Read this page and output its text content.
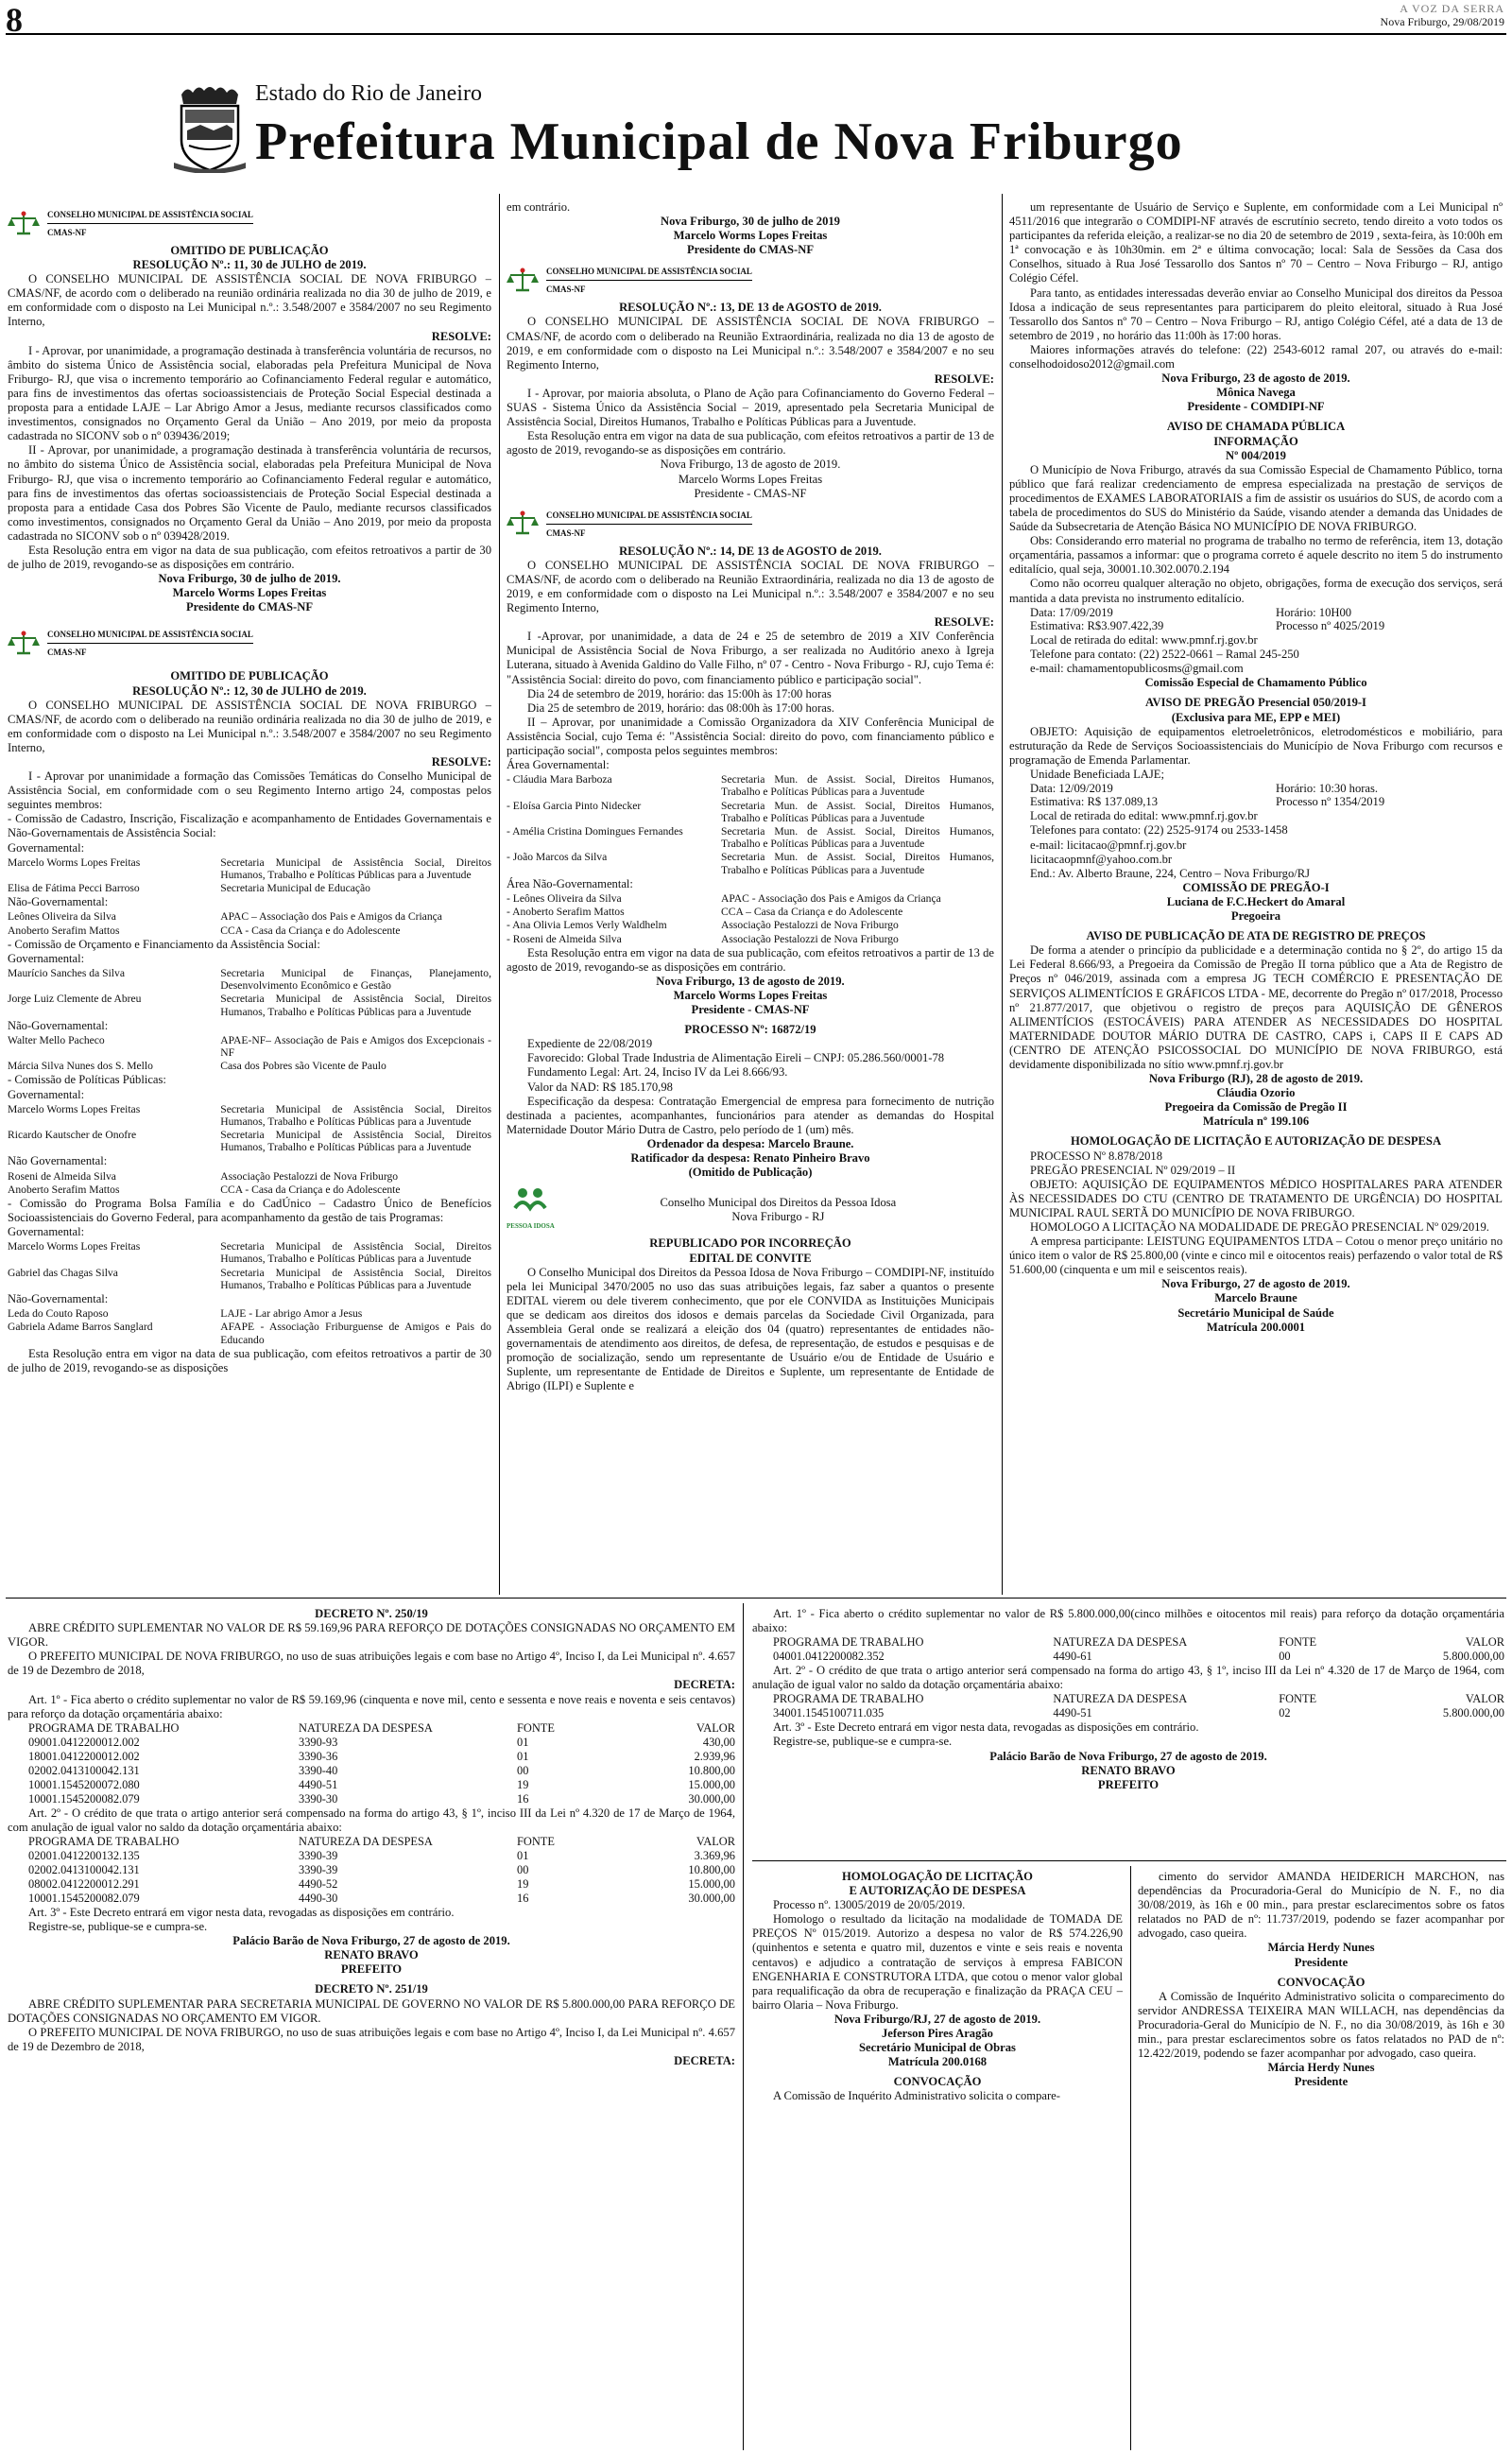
8	A VOZ DA SERRA
Nova Friburgo, 29/08/2019
Estado do Rio de Janeiro
Prefeitura Municipal de Nova Friburgo
CONSELHO MUNICIPAL DE ASSISTÊNCIA SOCIAL
CMAS-NF

OMITIDO DE PUBLICAÇÃO

RESOLUÇÃO Nº.: 11, 30 de JULHO de 2019.

O CONSELHO MUNICIPAL DE ASSISTÊNCIA SOCIAL DE NOVA FRIBURGO – CMAS/NF, de acordo com o deliberado na reunião ordinária realizada no dia 30 de julho de 2019, e em conformidade com o disposto na Lei Municipal n.º.: 3.548/2007 e 3584/2007 no seu Regimento Interno,

RESOLVE:

I - Aprovar, por unanimidade, a programação destinada à transferência voluntária de recursos, no âmbito do sistema Único de Assistência social, elaboradas pela Prefeitura Municipal de Nova Friburgo- RJ, que visa o incremento temporário ao Cofinanciamento Federal regular e automático, para fins de investimentos das ofertas socioassistenciais de Proteção Social Especial destinada a proposta para a entidade LAJE – Lar Abrigo Amor a Jesus, mediante recursos classificados como investimentos, consignados no Orçamento Geral da União – Ano 2019, por meio da proposta cadastrada no SICONV sob o nº 039436/2019;

II - Aprovar, por unanimidade, a programação destinada à transferência voluntária de recursos, no âmbito do sistema Único de Assistência social, elaboradas pela Prefeitura Municipal de Nova Friburgo- RJ, que visa o incremento temporário ao Cofinanciamento Federal regular e automático, para fins de investimentos das ofertas socioassistenciais de Proteção Social Especial destinada a proposta para a entidade Casa dos Pobres São Vicente de Paulo, mediante recursos classificados como investimentos, consignados no Orçamento Geral da União – Ano 2019, por meio da proposta cadastrada no SICONV sob o nº 039428/2019.

Esta Resolução entra em vigor na data de sua publicação, com efeitos retroativos a partir de 30 de julho de 2019, revogando-se as disposições em contrário.

Nova Friburgo, 30 de julho de 2019.

Marcelo Worms Lopes Freitas

Presidente do CMAS-NF

CONSELHO MUNICIPAL DE ASSISTÊNCIA SOCIAL
CMAS-NF

OMITIDO DE PUBLICAÇÃO

RESOLUÇÃO Nº.: 12, 30 de JULHO de 2019.

O CONSELHO MUNICIPAL DE ASSISTÊNCIA SOCIAL DE NOVA FRIBURGO – CMAS/NF, de acordo com o deliberado na reunião ordinária realizada no dia 30 de julho de 2019, e em conformidade com o disposto na Lei Municipal n.º.: 3.548/2007 e 3584/2007 no seu Regimento Interno,

RESOLVE:

I - Aprovar por unanimidade a formação das Comissões Temáticas do Conselho Municipal de Assistência Social, em conformidade com o seu Regimento Interno artigo 24, compostas pelos seguintes membros:

- Comissão de Cadastro, Inscrição, Fiscalização e acompanhamento de Entidades Governamentais e Não-Governamentais de Assistência Social:

Governamental:

Marcelo Worms Lopes Freitas	Secretaria Municipal de Assistência Social, Direitos Humanos, Trabalho e Políticas Públicas para a Juventude
Elisa de Fátima Pecci Barroso	Secretaria Municipal de Educação

Não-Governamental:

Leônes Oliveira da Silva	APAC – Associação dos Pais e Amigos da Criança
Anoberto Serafim Mattos	CCA - Casa da Criança e do Adolescente

- Comissão de Orçamento e Financiamento da Assistência Social:

Governamental:

Maurício Sanches da Silva	Secretaria Municipal de Finanças, Planejamento, Desenvolvimento Econômico e Gestão
Jorge Luiz Clemente de Abreu	Secretaria Municipal de Assistência Social, Direitos Humanos, Trabalho e Políticas Públicas para a Juventude

Não-Governamental:

Walter Mello Pacheco	APAE-NF– Associação de Pais e Amigos dos Excepcionais - NF
Márcia Silva Nunes dos S. Mello	Casa dos Pobres são Vicente de Paulo

- Comissão de Políticas Públicas:

Governamental:

Marcelo Worms Lopes Freitas	Secretaria Municipal de Assistência Social, Direitos Humanos, Trabalho e Políticas Públicas para a Juventude
Ricardo Kautscher de Onofre	Secretaria Municipal de Assistência Social, Direitos Humanos, Trabalho e Políticas Públicas para a Juventude

Não Governamental:

Roseni de Almeida Silva	Associação Pestalozzi de Nova Friburgo
Anoberto Serafim Mattos	CCA - Casa da Criança e do Adolescente

- Comissão do Programa Bolsa Família e do CadÚnico – Cadastro Único de Benefícios Socioassistenciais do Governo Federal, para acompanhamento da gestão de tais Programas:

Governamental:

Marcelo Worms Lopes Freitas	Secretaria Municipal de Assistência Social, Direitos Humanos, Trabalho e Políticas Públicas para a Juventude
Gabriel das Chagas Silva	Secretaria Municipal de Assistência Social, Direitos Humanos, Trabalho e Políticas Públicas para a Juventude

Não-Governamental:

Leda do Couto Raposo	LAJE - Lar abrigo Amor a Jesus
Gabriela Adame Barros Sanglard	AFAPE - Associação Friburguense de Amigos e Pais do Educando

Esta Resolução entra em vigor na data de sua publicação, com efeitos retroativos a partir de 30 de julho de 2019, revogando-se as disposições

em contrário.

Nova Friburgo, 30 de julho de 2019

Marcelo Worms Lopes Freitas

Presidente do CMAS-NF

CONSELHO MUNICIPAL DE ASSISTÊNCIA SOCIAL
CMAS-NF

RESOLUÇÃO Nº.: 13, DE 13 de AGOSTO de 2019.

O CONSELHO MUNICIPAL DE ASSISTÊNCIA SOCIAL DE NOVA FRIBURGO – CMAS/NF, de acordo com o deliberado na Reunião Extraordinária, realizada no dia 13 de agosto de 2019, e em conformidade com o disposto na Lei Municipal n.º.: 3.548/2007 e 3584/2007 e no seu Regimento Interno,

RESOLVE:

I - Aprovar, por maioria absoluta, o Plano de Ação para Cofinanciamento do Governo Federal – SUAS - Sistema Único da Assistência Social – 2019, apresentado pela Secretaria Municipal de Assistência Social, Direitos Humanos, Trabalho e Políticas Públicas para a Juventude.

Esta Resolução entra em vigor na data de sua publicação, com efeitos retroativos a partir de 13 de agosto de 2019, revogando-se as disposições em contrário.

Nova Friburgo, 13 de agosto de 2019.

Marcelo Worms Lopes Freitas

Presidente - CMAS-NF

CONSELHO MUNICIPAL DE ASSISTÊNCIA SOCIAL
CMAS-NF

RESOLUÇÃO Nº.: 14, DE 13 de AGOSTO de 2019.

O CONSELHO MUNICIPAL DE ASSISTÊNCIA SOCIAL DE NOVA FRIBURGO – CMAS/NF, de acordo com o deliberado na Reunião Extraordinária, realizada no dia 13 de agosto de 2019, e em conformidade com o disposto na Lei Municipal n.º.: 3.548/2007 e 3584/2007 e no seu Regimento Interno,

RESOLVE:

I -Aprovar, por unanimidade, a data de 24 e 25 de setembro de 2019 a XIV Conferência Municipal de Assistência Social de Nova Friburgo, a ser realizada no Auditório anexo à Igreja Luterana, situado à Avenida Galdino do Valle Filho, nº 07 - Centro - Nova Friburgo - RJ, cujo Tema é: "Assistência Social: direito do povo, com financiamento público e participação social".

Dia 24 de setembro de 2019, horário: das 15:00h às 17:00 horas

Dia 25 de setembro de 2019, horário: das 08:00h às 17:00 horas.

II – Aprovar, por unanimidade a Comissão Organizadora da XIV Conferência Municipal de Assistência Social, cujo Tema é: "Assistência Social: direito do povo, com financiamento público e participação social", composta pelos seguintes membros:

Área Governamental:

- Cláudia Mara Barboza	Secretaria Mun. de Assist. Social, Direitos Humanos, Trabalho e Políticas Públicas para a Juventude
- Eloísa Garcia Pinto Nidecker	Secretaria Mun. de Assist. Social, Direitos Humanos, Trabalho e Políticas Públicas para a Juventude
- Amélia Cristina Domingues Fernandes	Secretaria Mun. de Assist. Social, Direitos Humanos, Trabalho e Políticas Públicas para a Juventude
- João Marcos da Silva	Secretaria Mun. de Assist. Social, Direitos Humanos, Trabalho e Políticas Públicas para a Juventude

Área Não-Governamental:

- Leônes Oliveira da Silva	APAC - Associação dos Pais e Amigos da Criança
- Anoberto Serafim Mattos	CCA – Casa da Criança e do Adolescente
- Ana Olivia Lemos Verly Waldhelm	Associação Pestalozzi de Nova Friburgo
- Roseni de Almeida Silva	Associação Pestalozzi de Nova Friburgo

Esta Resolução entra em vigor na data de sua publicação, com efeitos retroativos a partir de 13 de agosto de 2019, revogando-se as disposições em contrário.

Nova Friburgo, 13 de agosto de 2019.

Marcelo Worms Lopes Freitas

Presidente - CMAS-NF

PROCESSO Nº: 16872/19

Expediente de 22/08/2019

Favorecido: Global Trade Industria de Alimentação Eireli – CNPJ: 05.286.560/0001-78

Fundamento Legal: Art. 24, Inciso IV da Lei 8.666/93.

Valor da NAD: R$ 185.170,98

Especificação da despesa: Contratação Emergencial de empresa para fornecimento de nutrição destinada a pacientes, acompanhantes, funcionários para atender as demandas do Hospital Maternidade Doutor Mário Dutra de Castro, pelo período de 1 (um) mês.

Ordenador da despesa: Marcelo Braune.

Ratificador da despesa: Renato Pinheiro Bravo

(Omitido de Publicação)

PESSOA IDOSA
Conselho Municipal dos Direitos da Pessoa Idosa
Nova Friburgo - RJ

REPUBLICADO POR INCORREÇÃO

EDITAL DE CONVITE

O Conselho Municipal dos Direitos da Pessoa Idosa de Nova Friburgo – COMDIPI-NF, instituído pela lei Municipal 3470/2005 no uso das suas atribuições legais, faz saber a quantos o presente EDITAL vierem ou dele tiverem conhecimento, que por ele CONVIDA as Instituições Municipais que se dedicam aos direitos dos idosos e demais parcelas da Sociedade Civil Organizada, para Assembleia Geral onde se realizará a eleição dos 04 (quatro) representantes de entidades não-governamentais de atendimento aos direitos, de defesa, de representação, de estudos e pesquisas e de promoção de socialização, sendo um representante de Usuário e/ou de Entidade de Usuário e Suplente, um representante de Entidade de Direitos e Suplente, um representante de Entidade de Abrigo (ILPI) e Suplente e

um representante de Usuário de Serviço e Suplente, em conformidade com a Lei Municipal nº 4511/2016 que integrarão o COMDIPI-NF através de escrutínio secreto, tendo direito a voto todos os participantes da referida eleição, a realizar-se no dia 20 de setembro de 2019 , sexta-feira, às 10:00h em 1ª convocação e às 10h30min. em 2ª e última convocação; local: Sala de Sessões da Casa dos Conselhos, situado à Rua José Tessarollo dos Santos nº 70 – Centro – Nova Friburgo – RJ, antigo Colégio Céfel.

Para tanto, as entidades interessadas deverão enviar ao Conselho Municipal dos direitos da Pessoa Idosa a indicação de seus representantes para participarem do pleito eleitoral, situado à Rua José Tessarollo dos Santos nº 70 – Centro – Nova Friburgo – RJ, antigo Colégio Céfel, até a data de 13 de setembro de 2019 , no horário das 11:00h às 17:00 horas.

Maiores informações através do telefone: (22) 2543-6012 ramal 207, ou através do e-mail: conselhodoidoso2012@gmail.com

Nova Friburgo, 23 de agosto de 2019.

Mônica Navega

Presidente - COMDIPI-NF

AVISO DE CHAMADA PÚBLICA

INFORMAÇÃO

Nº 004/2019

O Município de Nova Friburgo, através da sua Comissão Especial de Chamamento Público, torna público que fará realizar credenciamento de empresa especializada na prestação de serviços de procedimentos de EXAMES LABORATORIAIS a fim de assistir os usuários do SUS, de acordo com a tabela de procedimentos do SUS do Ministério da Saúde, visando atender a demanda das Unidades de Saúde da Subsecretaria de Atenção Básica NO MUNICÍPIO DE NOVA FRIBURGO.

Obs: Considerando erro material no programa de trabalho no termo de referência, item 13, dotação orçamentária, passamos a informar: que o programa correto é aquele descrito no item 5 do instrumento editalício, qual seja, 30001.10.302.0070.2.194

Como não ocorreu qualquer alteração no objeto, obrigações, forma de execução dos serviços, será mantida a data prevista no instrumento editalício.

Data: 17/09/2019	Horário: 10H00
Estimativa: R$3.907.422,39	Processo nº 4025/2019

Local de retirada do edital: www.pmnf.rj.gov.br

Telefone para contato: (22) 2522-0661 – Ramal 245-250

e-mail: chamamentopublicosms@gmail.com

Comissão Especial de Chamamento Público

AVISO DE PREGÃO Presencial 050/2019-I

(Exclusiva para ME, EPP e MEI)

OBJETO: Aquisição de equipamentos eletroeletrônicos, eletrodomésticos e mobiliário, para estruturação da Rede de Serviços Socioassistenciais do Município de Nova Friburgo com recursos e programação de Emenda Parlamentar.

Unidade Beneficiada LAJE;

Data: 12/09/2019	Horário: 10:30 horas.
Estimativa: R$ 137.089,13	Processo nº 1354/2019

Local de retirada do edital: www.pmnf.rj.gov.br

Telefones para contato: (22) 2525-9174 ou 2533-1458

e-mail: licitacao@pmnf.rj.gov.br

licitacaopmnf@yahoo.com.br

End.: Av. Alberto Braune, 224, Centro – Nova Friburgo/RJ

COMISSÃO DE PREGÃO-I

Luciana de F.C.Heckert do Amaral

Pregoeira

AVISO DE PUBLICAÇÃO DE ATA DE REGISTRO DE PREÇOS

De forma a atender o princípio da publicidade e a determinação contida no § 2º, do artigo 15 da Lei Federal 8.666/93, a Pregoeira da Comissão de Pregão II torna público que a Ata de Registro de Preços nº 046/2019, assinada com a empresa JG TECH COMÉRCIO E PRESENTAÇÃO DE SERVIÇOS ALIMENTÍCIOS E GRÁFICOS LTDA - ME, decorrente do Pregão nº 017/2018, Processo nº 21.877/2017, que objetivou o registro de preços para AQUISIÇÃO DE GÊNEROS ALIMENTÍCIOS (ESTOCÁVEIS) PARA ATENDER AS NECESSIDADES DO HOSPITAL MATERNIDADE DOUTOR MÁRIO DUTRA DE CASTRO, CAPS i, CAPS II E CAPS AD (CENTRO DE ATENÇÃO PSICOSSOCIAL DO MUNICÍPIO DE NOVA FRIBURGO, está devidamente disponibilizada no sítio www.pmnf.rj.gov.br

Nova Friburgo (RJ), 28 de agosto de 2019.

Cláudia Ozorio

Pregoeira da Comissão de Pregão II

Matrícula nº 199.106

HOMOLOGAÇÃO DE LICITAÇÃO E AUTORIZAÇÃO DE DESPESA

PROCESSO Nº 8.878/2018

PREGÃO PRESENCIAL Nº 029/2019 – II

OBJETO: AQUISIÇÃO DE EQUIPAMENTOS MÉDICO HOSPITALARES PARA ATENDER ÀS NECESSIDADES DO CTU (CENTRO DE TRATAMENTO DE URGÊNCIA) DO HOSPITAL MUNICIPAL RAUL SERTÃ DO MUNICÍPIO DE NOVA FRIBURGO.

HOMOLOGO A LICITAÇÃO NA MODALIDADE DE PREGÃO PRESENCIAL Nº 029/2019.

A empresa participante: LEISTUNG EQUIPAMENTOS LTDA – Cotou o menor preço unitário no único item o valor de R$ 25.800,00 (vinte e cinco mil e oitocentos reais) perfazendo o valor total de R$ 51.600,00 (cinquenta e um mil e seiscentos reais).

Nova Friburgo, 27 de agosto de 2019.

Marcelo Braune

Secretário Municipal de Saúde

Matrícula 200.0001

DECRETO Nº. 250/19

ABRE CRÉDITO SUPLEMENTAR NO VALOR DE R$ 59.169,96 PARA REFORÇO DE DOTAÇÕES CONSIGNADAS NO ORÇAMENTO EM VIGOR.

O PREFEITO MUNICIPAL DE NOVA FRIBURGO, no uso de suas atribuições legais e com base no Artigo 4º, Inciso I, da Lei Municipal nº. 4.657 de 19 de Dezembro de 2018,

DECRETA:

Art. 1º - Fica aberto o crédito suplementar no valor de R$ 59.169,96 (cinquenta e nove mil, cento e sessenta e nove reais e noventa e seis centavos) para reforço da dotação orçamentária abaixo:

PROGRAMA DE TRABALHO	NATUREZA DA DESPESA	FONTE	VALOR
09001.0412200012.002	3390-93	01	430,00
18001.0412200012.002	3390-36	01	2.939,96
02002.0413100042.131	3390-40	00	10.800,00
10001.1545200072.080	4490-51	19	15.000,00
10001.1545200082.079	3390-30	16	30.000,00

Art. 2º - O crédito de que trata o artigo anterior será compensado na forma do artigo 43, § 1º, inciso III da Lei nº 4.320 de 17 de Março de 1964, com anulação de igual valor no saldo da dotação orçamentária abaixo:

PROGRAMA DE TRABALHO	NATUREZA DA DESPESA	FONTE	VALOR
02001.0412200132.135	3390-39	01	3.369,96
02002.0413100042.131	3390-39	00	10.800,00
08002.0412200012.291	4490-52	19	15.000,00
10001.1545200082.079	4490-30	16	30.000,00

Art. 3º - Este Decreto entrará em vigor nesta data, revogadas as disposições em contrário.

Registre-se, publique-se e cumpra-se.

Palácio Barão de Nova Friburgo, 27 de agosto de 2019.

RENATO BRAVO

PREFEITO

DECRETO Nº. 251/19

ABRE CRÉDITO SUPLEMENTAR PARA SECRETARIA MUNICIPAL DE GOVERNO NO VALOR DE R$ 5.800.000,00 PARA REFORÇO DE DOTAÇÕES CONSIGNADAS NO ORÇAMENTO EM VIGOR.

O PREFEITO MUNICIPAL DE NOVA FRIBURGO, no uso de suas atribuições legais e com base no Artigo 4º, Inciso I, da Lei Municipal nº. 4.657 de 19 de Dezembro de 2018,

DECRETA:

Art. 1º - Fica aberto o crédito suplementar no valor de R$ 5.800.000,00(cinco milhões e oitocentos mil reais) para reforço da dotação orçamentária abaixo:

PROGRAMA DE TRABALHO	NATUREZA DA DESPESA	FONTE	VALOR
04001.0412200082.352	4490-61	00	5.800.000,00

Art. 2º - O crédito de que trata o artigo anterior será compensado na forma do artigo 43, § 1º, inciso III da Lei nº 4.320 de 17 de Março de 1964, com anulação de igual valor no saldo da dotação orçamentária abaixo:

PROGRAMA DE TRABALHO	NATUREZA DA DESPESA	FONTE	VALOR
34001.1545100711.035	4490-51	02	5.800.000,00

Art. 3º - Este Decreto entrará em vigor nesta data, revogadas as disposições em contrário.

Registre-se, publique-se e cumpra-se.

Palácio Barão de Nova Friburgo, 27 de agosto de 2019.

RENATO BRAVO

PREFEITO

HOMOLOGAÇÃO DE LICITAÇÃO

E AUTORIZAÇÃO DE DESPESA

Processo nº. 13005/2019 de 20/05/2019.

Homologo o resultado da licitação na modalidade de TOMADA DE PREÇOS Nº 015/2019. Autorizo a despesa no valor de R$ 574.226,90 (quinhentos e setenta e quatro mil, duzentos e vinte e seis reais e noventa centavos) e adjudico a contratação de serviços à empresa FABICON ENGENHARIA E CONSTRUTORA LTDA, que cotou o menor valor global para requalificação da obra de recuperação e finalização da PRAÇA CEU – bairro Olaria – Nova Friburgo.

Nova Friburgo/RJ, 27 de agosto de 2019.

Jeferson Pires Aragão

Secretário Municipal de Obras

Matrícula 200.0168

CONVOCAÇÃO

A Comissão de Inquérito Administrativo solicita o compare-

cimento do servidor AMANDA HEIDERICH MARCHON, nas dependências da Procuradoria-Geral do Município de N. F., no dia 30/08/2019, às 16h e 00 min., para prestar esclarecimentos sobre os fatos relatados no PAD de nº: 11.737/2019, podendo se fazer acompanhar por advogado, caso queira.

Márcia Herdy Nunes

Presidente

CONVOCAÇÃO

A Comissão de Inquérito Administrativo solicita o comparecimento do servidor ANDRESSA TEIXEIRA MAN WILLACH, nas dependências da Procuradoria-Geral do Município de N. F., no dia 30/08/2019, às 16h e 30 min., para prestar esclarecimentos sobre os fatos relatados no PAD de nº: 12.422/2019, podendo se fazer acompanhar por advogado, caso queira.

Márcia Herdy Nunes

Presidente
